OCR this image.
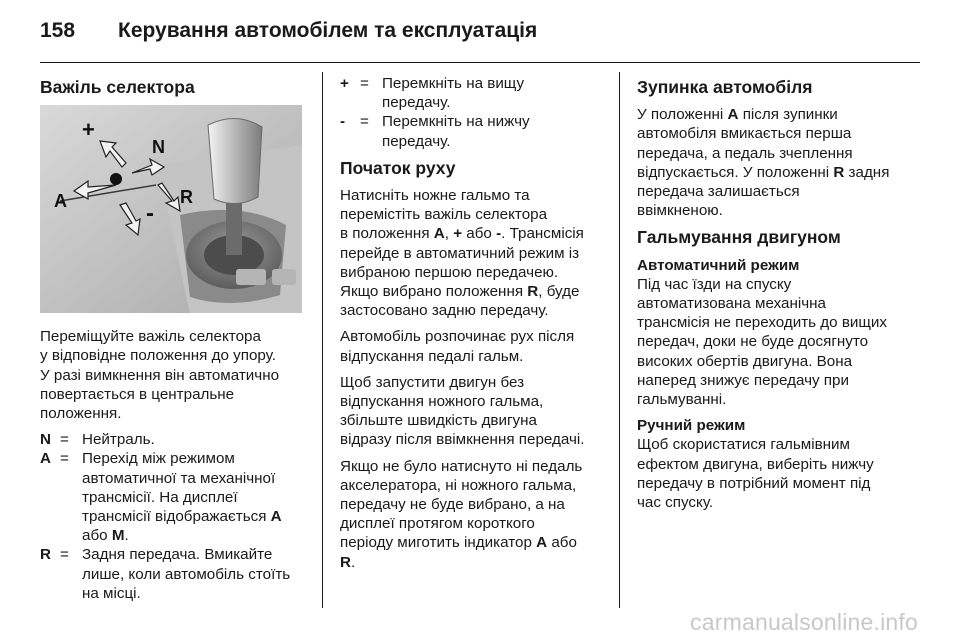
158	Керування автомобілем та експлуатація
Важіль селектора
+
N
A	-
R

Переміщуйте важіль селектора
у відповідне положення до упору.
У разі вимкнення він автоматично
повертається в центральне
положення.

N = Нейтраль.
A = Перехід між режимом
автоматичної та механічної
трансмісії. На дисплеї
трансмісії відображається A
або M.
R = Задня передача. Вмикайте
лише, коли автомобіль стоїть
на місці.
+ = Перемкніть на вищу
передачу.
- = Перемкніть на нижчу
передачу.
Початок руху

Натисніть ножне гальмо та
перемістіть важіль селектора
в положення A, + або -. Трансмісія
перейде в автоматичний режим із
вибраною першою передачею.
Якщо вибрано положення R, буде
застосовано задню передачу.

Автомобіль розпочинає рух після
відпускання педалі гальм.

Щоб запустити двигун без
відпускання ножного гальма,
збільште швидкість двигуна
відразу після ввімкнення передачі.

Якщо не було натиснуто ні педаль
акселератора, ні ножного гальма,
передачу не буде вибрано, а на
дисплеї протягом короткого
періоду миготить індикатор A або
R.

Зупинка автомобіля

У положенні A після зупинки
автомобіля вмикається перша
передача, а педаль зчеплення
відпускається. У положенні R задня
передача залишається
ввімкненою.

Гальмування двигуном
Автоматичний режим

Під час їзди на спуску
автоматизована механічна
трансмісія не переходить до вищих
передач, доки не буде досягнуто
високих обертів двигуна. Вона
наперед знижує передачу при
гальмуванні.

Ручний режим

Щоб скористатися гальмівним
ефектом двигуна, виберіть нижчу
передачу в потрібний момент під
час спуску.

carmanualsonline.info
